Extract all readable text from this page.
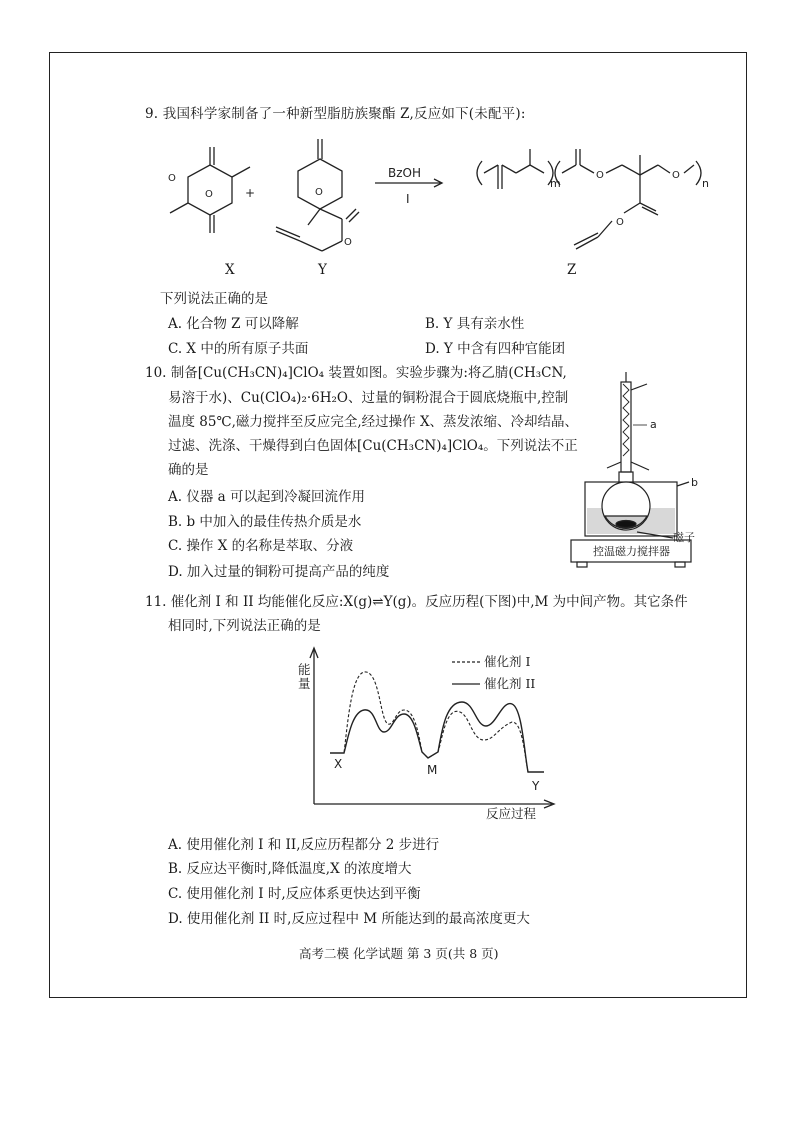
9. 我国科学家制备了一种新型脂肪族聚酯 Z,反应如下(未配平):
+
BzOH
I
m	n
O
O
O
O
O	O
O
X	Y	Z
下列说法正确的是
A. 化合物 Z 可以降解	B. Y 具有亲水性
C. X 中的所有原子共面	D. Y 中含有四种官能团
10. 制备[Cu(CH₃CN)₄]ClO₄ 装置如图。实验步骤为:将乙腈(CH₃CN,
易溶于水)、Cu(ClO₄)₂·6H₂O、过量的铜粉混合于圆底烧瓶中,控制
温度 85℃,磁力搅拌至反应完全,经过操作 X、蒸发浓缩、冷却结晶、
过滤、洗涤、干燥得到白色固体[Cu(CH₃CN)₄]ClO₄。下列说法不正
确的是
A. 仪器 a 可以起到冷凝回流作用
B. b 中加入的最佳传热介质是水
C. 操作 X 的名称是萃取、分液
D. 加入过量的铜粉可提高产品的纯度
a
b
磁子
控温磁力搅拌器
11. 催化剂 I 和 II 均能催化反应:X(g)⇌Y(g)。反应历程(下图)中,M 为中间产物。其它条件
相同时,下列说法正确的是
X	M
Y
能量
反应过程
催化剂 I
催化剂 II
A. 使用催化剂 I 和 II,反应历程都分 2 步进行
B. 反应达平衡时,降低温度,X 的浓度增大
C. 使用催化剂 I 时,反应体系更快达到平衡
D. 使用催化剂 II 时,反应过程中 M 所能达到的最高浓度更大
高考二模 化学试题 第 3 页(共 8 页)
